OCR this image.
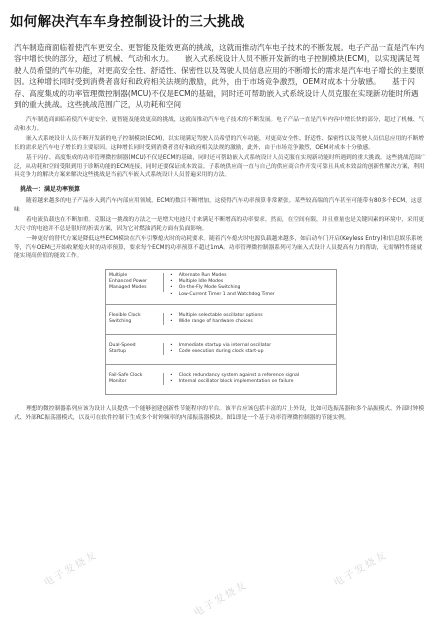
如何解决汽车车身控制设计的三大挑战

汽车制造商面临着使汽车更安全、更智能及能效更高的挑战，这就而推动汽车电子技术的不断发展。电子产品一直是汽车内容中增长快的部分，超过了机械、气动和水力。　　嵌入式系统设计人员不断开发新的电子控制模块(ECM)，以实现满足驾驶人员希望的汽车功能，对更高安全性、舒适性、保密性以及驾驶人员信息应用的不断增长的需求是汽车电子增长的主要原因。这种增长同时受到消费者喜好和政府相关法规的激励，此外，由于市场竞争激烈，OEM对成本十分敏感。　　基于闪存、高度集成的功率管理微控制器(MCU)不仅是ECM的基础，同时还可帮助嵌入式系统设计人员克服在实现新功能时所遇到的重大挑战。这些挑战范围广泛，从功耗和空间

汽车制造商面临着使汽车更安全、更智能及能效更高的挑战，这就而推动汽车电子技术的不断发展。电子产品一直是汽车内容中增长快的部分，超过了机械、气动和水力。

嵌入式系统设计人员不断开发新的电子控制模块(ECM)，以实现满足驾驶人员希望的汽车功能，对更高安全性、舒适性、保密性以及驾驶人员信息应用的不断增长的需求是汽车电子增长的主要原因。这种增长同时受到消费者喜好和政府相关法规的激励，此外，由于市场竞争激烈，OEM对成本十分敏感。

基于闪存、高度集成的功率管理微控制器(MCU)不仅是ECM的基础，同时还可帮助嵌入式系统设计人员克服在实现新功能时所遇到的重大挑战。这些挑战范围广泛，从功耗和空间受限到用于诊断功能的ECM连接，同时还要保证成本效益。子系统供应商一直与自己的供应商合作开发可靠且具成本效益的创新性解决方案，利用具竞争力的解决方案来解决这些挑战是当前汽车嵌入式系统设计人员普遍采用的方法。

挑战一：满足功率预算

随着越来越多的电子产品步入到汽车内部应用领域，ECM的数目不断增加，这使得汽车功率预算非常紧张。某些较高端的汽车甚至可能带有80多个ECM，这意味

着电流负载也在不断加重。克服这一挑战的方法之一是增大电池尺寸来满足不断增高的功率要求。然而，在空间有限，并且重量也是关键因素的环境中，采用更大尺寸的电池并不总是很好的折衷方案，因为它对燃油消耗方面有负面影响。

一种更好的替代方案是降低这些ECM模块在汽车引擎熄火时的功耗要求。随着汽车熄火时电源负载越来越多，如启动车门开启(Keyless Entry)和信息娱乐系统等，汽车OEM已开始收紧熄火时的功率预算，要求每个ECM的功率预算不超过1mA。功率管理微控制器系列可为嵌入式设计人员提高有力的帮助，无需牺牲性能就能实现高价值的能效工作。

Multiple
Enhanced Power
Managed Modes
• Alternate Run Modes
• Multiple Idle Modes
• On-the-Fly Mode Switching
• Low-Current Timer 1 and Watchdog Timer
Flexible Clock
Switching
• Multiple selectable oscillator options
• Wide range of hardware choices
Dual-Speed
Startup
• Immediate startup via internal oscillator
• Code execution during clock start-up
Fail-Safe Clock
Monitor
• Clock redundancy system against a reference signal
• Internal oscillator block implementation on failure

理想的微控制器系列应该为设计人员提供一个能够创建创新性节能程序的平台。该平台应该包括丰富的片上外设，比如可选振荡器和多个晶振模式、外部时钟模式、外部RC振荡器模式，以及可在软件控制下生成多个时钟频率的内部振荡器模块。图1即是一个基于功率管理微控制器的节能实例。

电子发烧友
电子发烧友
电子发烧友
